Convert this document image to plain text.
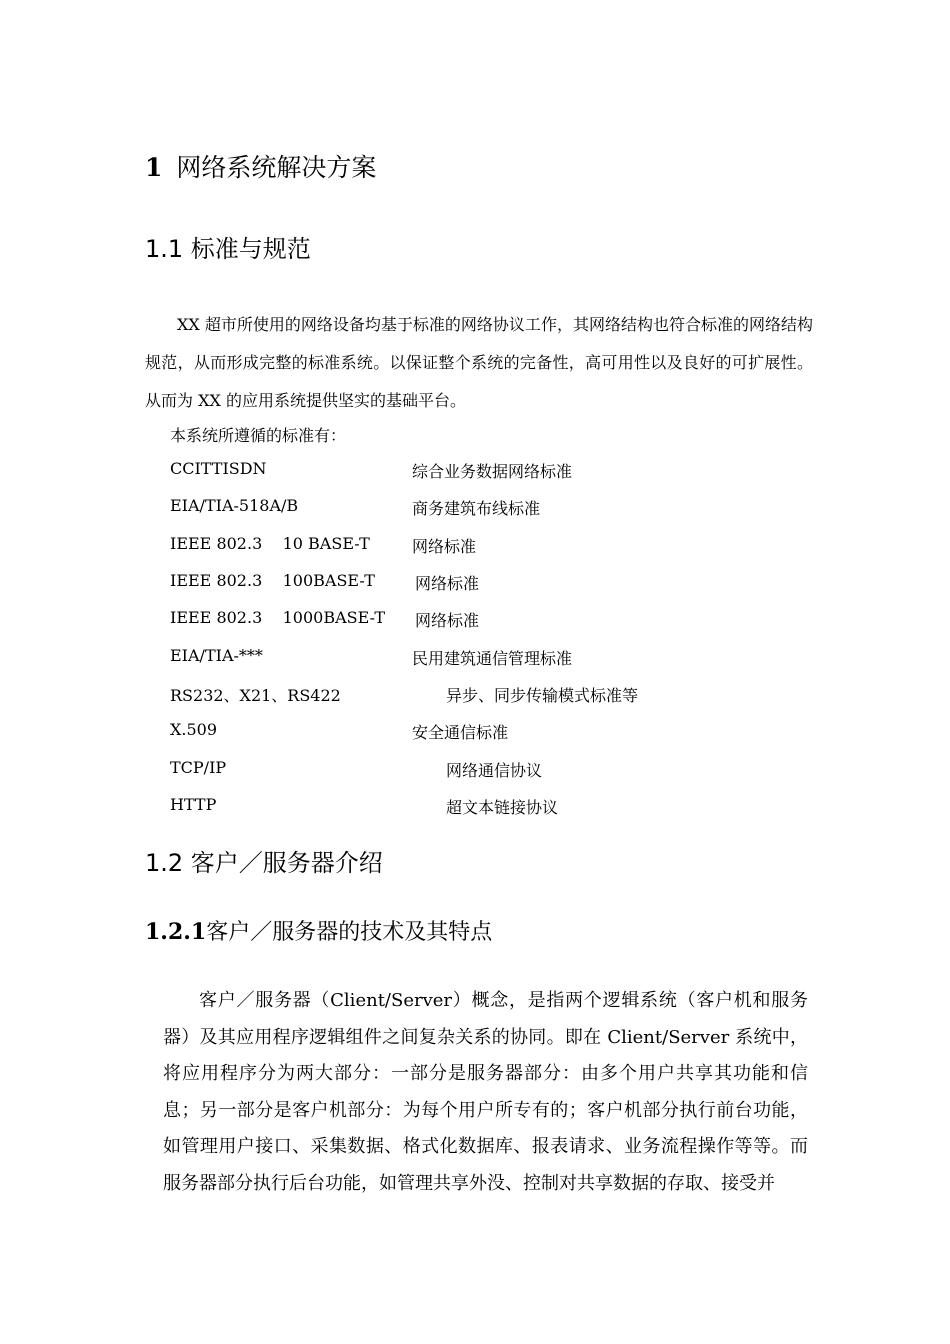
1 网络系统解决方案
1.1 标准与规范
XX 超市所使用的网络设备均基于标准的网络协议工作，其网络结构也符合标准的网络结构规范，从而形成完整的标准系统。以保证整个系统的完备性，高可用性以及良好的可扩展性。从而为 XX 的应用系统提供坚实的基础平台。
本系统所遵循的标准有：
CCITTISDN	综合业务数据网络标准
EIA/TIA-518A/B	商务建筑布线标准
IEEE 802.3    10 BASE-T	网络标准
IEEE 802.3    100BASE-T	网络标准
IEEE 802.3    1000BASE-T 网络标准
EIA/TIA-***	民用建筑通信管理标准
RS232、X21、RS422	异步、同步传输模式标准等
X.509	安全通信标准
TCP/IP	网络通信协议
HTTP	超文本链接协议
1.2 客户／服务器介绍
1.2.1客户／服务器的技术及其特点
客户／服务器（Client/Server）概念，是指两个逻辑系统（客户机和服务器）及其应用程序逻辑组件之间复杂关系的协同。即在 Client/Server 系统中，将应用程序分为两大部分：一部分是服务器部分：由多个用户共享其功能和信息；另一部分是客户机部分：为每个用户所专有的；客户机部分执行前台功能，如管理用户接口、采集数据、格式化数据库、报表请求、业务流程操作等等。而服务器部分执行后台功能，如管理共享外没、控制对共享数据的存取、接受并
